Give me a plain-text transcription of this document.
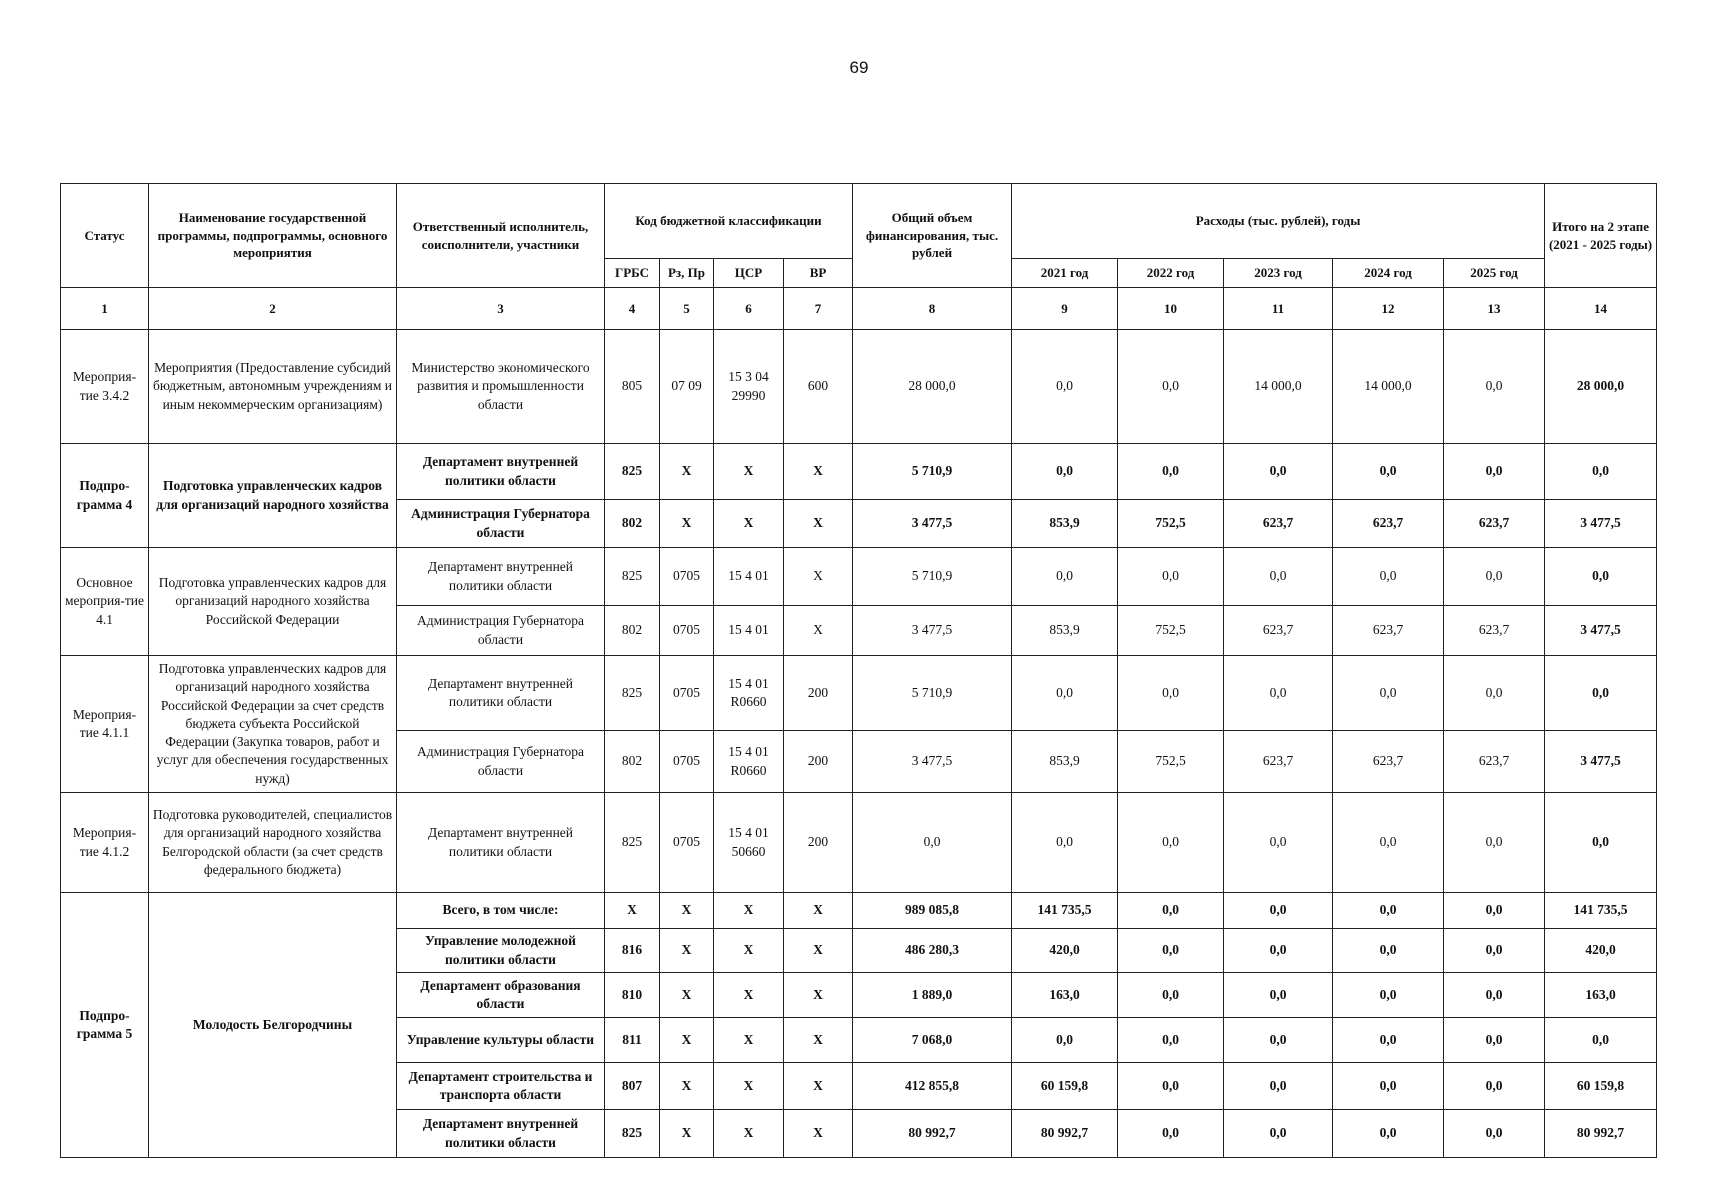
69
Статус	Наименование государственной программы, подпрограммы, основного мероприятия	Ответственный исполнитель, соисполнители, участники	Код бюджетной классификации				Общий объем финансирования, тыс. рублей	Расходы (тыс. рублей), годы					Итого на 2 этапе (2021 - 2025 годы)
			ГРБС	Рз, Пр	ЦСР	ВР		2021 год	2022 год	2023 год	2024 год	2025 год	
1	2	3	4	5	6	7	8	9	10	11	12	13	14
Мероприя-тие 3.4.2	Мероприятия (Предоставление субсидий бюджетным, автономным учреждениям и иным некоммерческим организациям)	Министерство экономического развития и промышленности области	805	07 09	15 3 04 29990	600	28 000,0	0,0	0,0	14 000,0	14 000,0	0,0	28 000,0
Подпро-грамма 4	Подготовка управленческих кадров для организаций народного хозяйства	Департамент внутренней политики области	825	X	X	X	5 710,9	0,0	0,0	0,0	0,0	0,0	0,0
		Администрация Губернатора области	802	X	X	X	3 477,5	853,9	752,5	623,7	623,7	623,7	3 477,5
Основное мероприя-тие 4.1	Подготовка управленческих кадров для организаций народного хозяйства Российской Федерации	Департамент внутренней политики области	825	0705	15 4 01	X	5 710,9	0,0	0,0	0,0	0,0	0,0	0,0
		Администрация Губернатора области	802	0705	15 4 01	X	3 477,5	853,9	752,5	623,7	623,7	623,7	3 477,5
Мероприя-тие 4.1.1	Подготовка управленческих кадров для организаций народного хозяйства Российской Федерации за счет средств бюджета субъекта Российской Федерации (Закупка товаров, работ и услуг для обеспечения государственных нужд)	Департамент внутренней политики области	825	0705	15 4 01 R0660	200	5 710,9	0,0	0,0	0,0	0,0	0,0	0,0
		Администрация Губернатора области	802	0705	15 4 01 R0660	200	3 477,5	853,9	752,5	623,7	623,7	623,7	3 477,5
Мероприя-тие 4.1.2	Подготовка руководителей, специалистов для организаций народного хозяйства Белгородской области (за счет средств федерального бюджета)	Департамент внутренней политики области	825	0705	15 4 01 50660	200	0,0	0,0	0,0	0,0	0,0	0,0	0,0
Подпро-грамма 5	Молодость Белгородчины	Всего, в том числе:	X	X	X	X	989 085,8	141 735,5	0,0	0,0	0,0	0,0	141 735,5
		Управление молодежной политики области	816	X	X	X	486 280,3	420,0	0,0	0,0	0,0	0,0	420,0
		Департамент образования области	810	X	X	X	1 889,0	163,0	0,0	0,0	0,0	0,0	163,0
		Управление культуры области	811	X	X	X	7 068,0	0,0	0,0	0,0	0,0	0,0	0,0
		Департамент строительства и транспорта области	807	X	X	X	412 855,8	60 159,8	0,0	0,0	0,0	0,0	60 159,8
		Департамент внутренней политики области	825	X	X	X	80 992,7	80 992,7	0,0	0,0	0,0	0,0	80 992,7
